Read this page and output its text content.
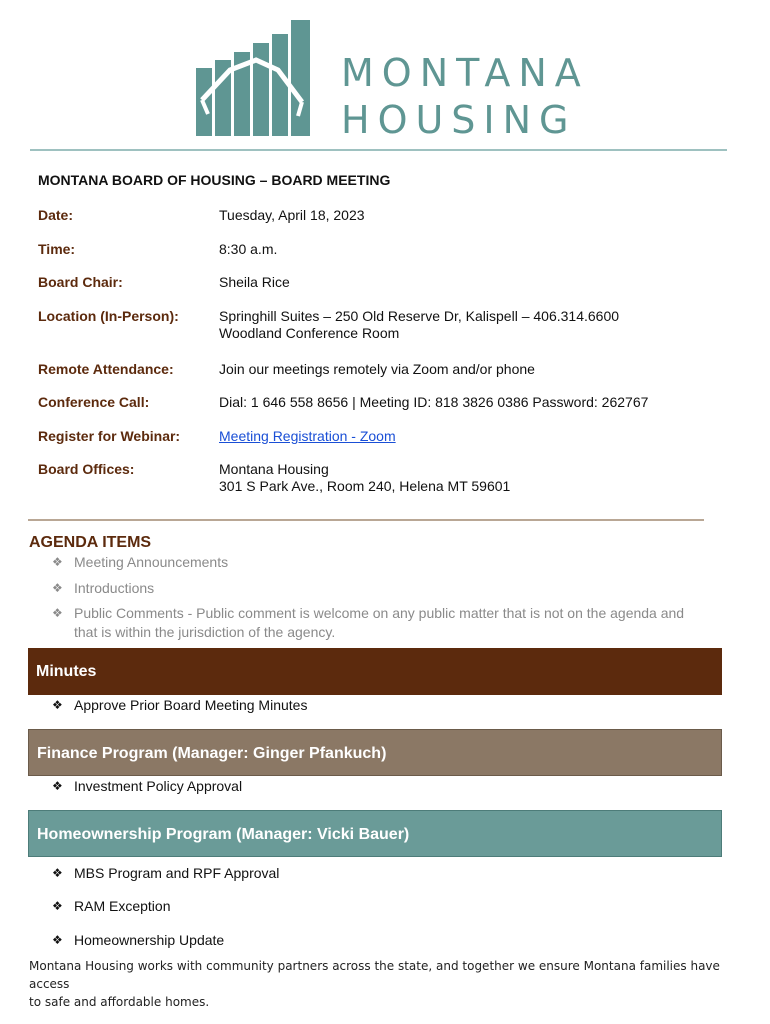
MONTANA
HOUSING
MONTANA BOARD OF HOUSING – BOARD MEETING
Date:	Tuesday, April 18, 2023
Time:	8:30 a.m.
Board Chair:	Sheila Rice
Location (In-Person):	Springhill Suites – 250 Old Reserve Dr, Kalispell – 406.314.6600
Woodland Conference Room
Remote Attendance:	Join our meetings remotely via Zoom and/or phone
Conference Call:	Dial: 1 646 558 8656 | Meeting ID: 818 3826 0386 Password: 262767
Register for Webinar:	Meeting Registration - Zoom
Board Offices:	Montana Housing
301 S Park Ave., Room 240, Helena MT 59601
AGENDA ITEMS
❖ Meeting Announcements
❖ Introductions
❖ Public Comments - Public comment is welcome on any public matter that is not on the agenda and
that is within the jurisdiction of the agency.
Minutes
❖ Approve Prior Board Meeting Minutes
Finance Program (Manager: Ginger Pfankuch)
❖ Investment Policy Approval
Homeownership Program (Manager: Vicki Bauer)
❖ MBS Program and RPF Approval
❖ RAM Exception
❖ Homeownership Update
Montana Housing works with community partners across the state, and together we ensure Montana families have access
to safe and affordable homes.
